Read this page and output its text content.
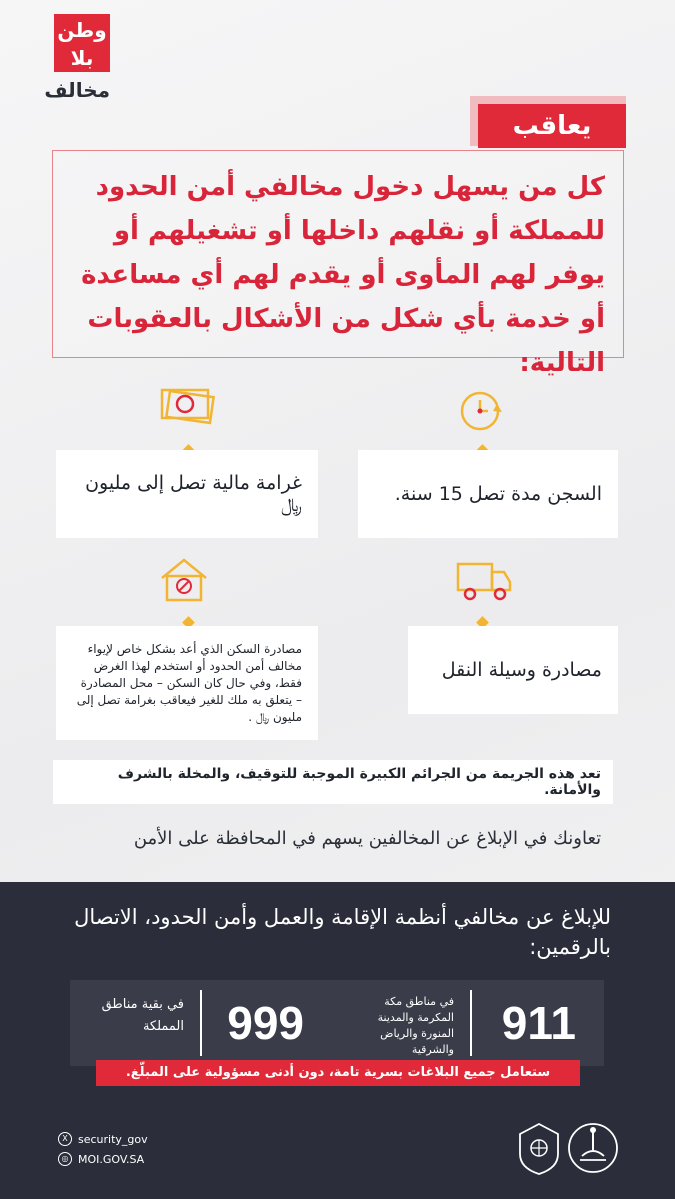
وطن
بلا
مخالف
يعاقب

كل من يسهل دخول مخالفي أمن الحدود للمملكة أو نقلهم داخلها أو تشغيلهم أو يوفر لهم المأوى أو يقدم لهم أي مساعدة أو خدمة بأي شكل من الأشكال بالعقوبات التالية:

السجن مدة تصل 15 سنة.
غرامة مالية تصل إلى مليون ﷼
مصادرة وسيلة النقل
مصادرة السكن الذي أعد بشكل خاص لإيواء مخالف أمن الحدود أو استخدم لهذا الغرض فقط، وفي حال كان السكن – محل المصادرة – يتعلق به ملك للغير فيعاقب بغرامة تصل إلى مليون ﷼ .
تعد هذه الجريمة من الجرائم الكبيرة الموجبة للتوقيف، والمخلة بالشرف والأمانة.
تعاونك في الإبلاغ عن المخالفين يسهم في المحافظة على الأمن
للإبلاغ عن مخالفي أنظمة الإقامة والعمل وأمن الحدود، الاتصال بالرقمين:
911
في مناطق مكة المكرمة والمدينة المنورة والرياض والشرقية
999
في بقية مناطق المملكة
ستعامل جميع البلاغات بسرية تامة، دون أدنى مسؤولية على المبلّغ.
X security_gov
◎ MOI.GOV.SA
